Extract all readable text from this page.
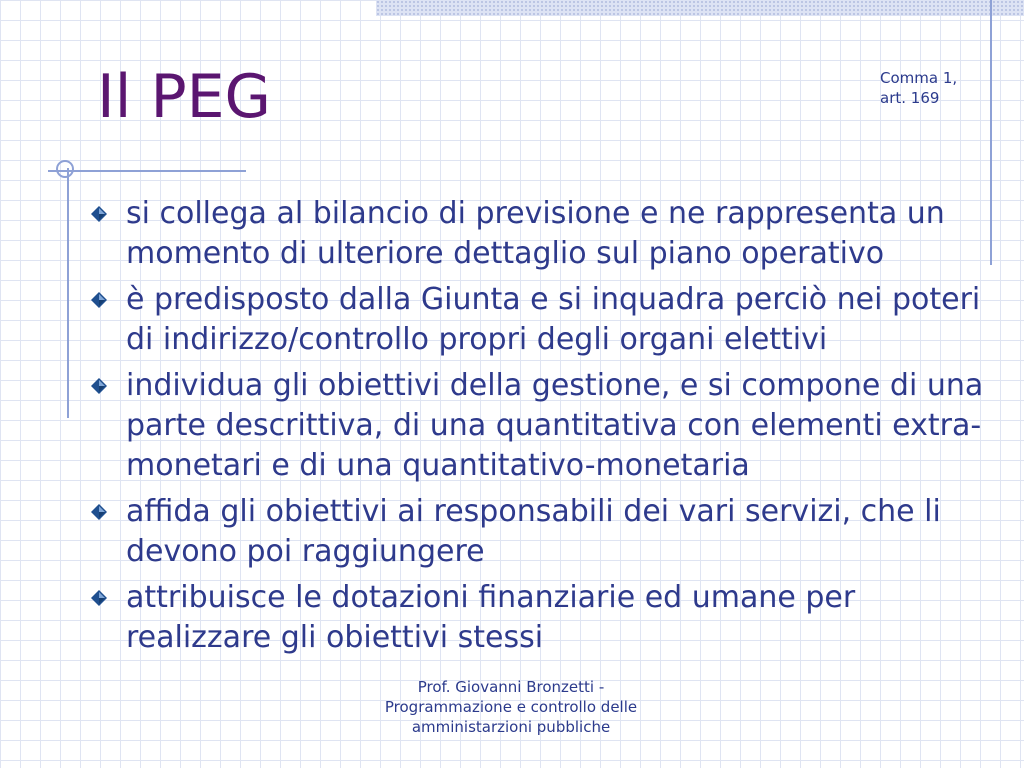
Il PEG	Comma 1,
art. 169
si collega al bilancio di previsione e ne rappresenta un momento di ulteriore dettaglio sul piano operativo
è predisposto dalla Giunta e si inquadra perciò nei poteri di indirizzo/controllo propri degli organi elettivi
individua gli obiettivi della gestione, e si compone di una parte descrittiva, di una quantitativa con elementi extra-monetari e di una quantitativo-monetaria
affida gli obiettivi ai responsabili dei vari servizi, che li devono poi raggiungere
attribuisce le dotazioni finanziarie ed umane per realizzare gli obiettivi stessi
Prof. Giovanni Bronzetti - Programmazione e controllo delle amministarzioni pubbliche
